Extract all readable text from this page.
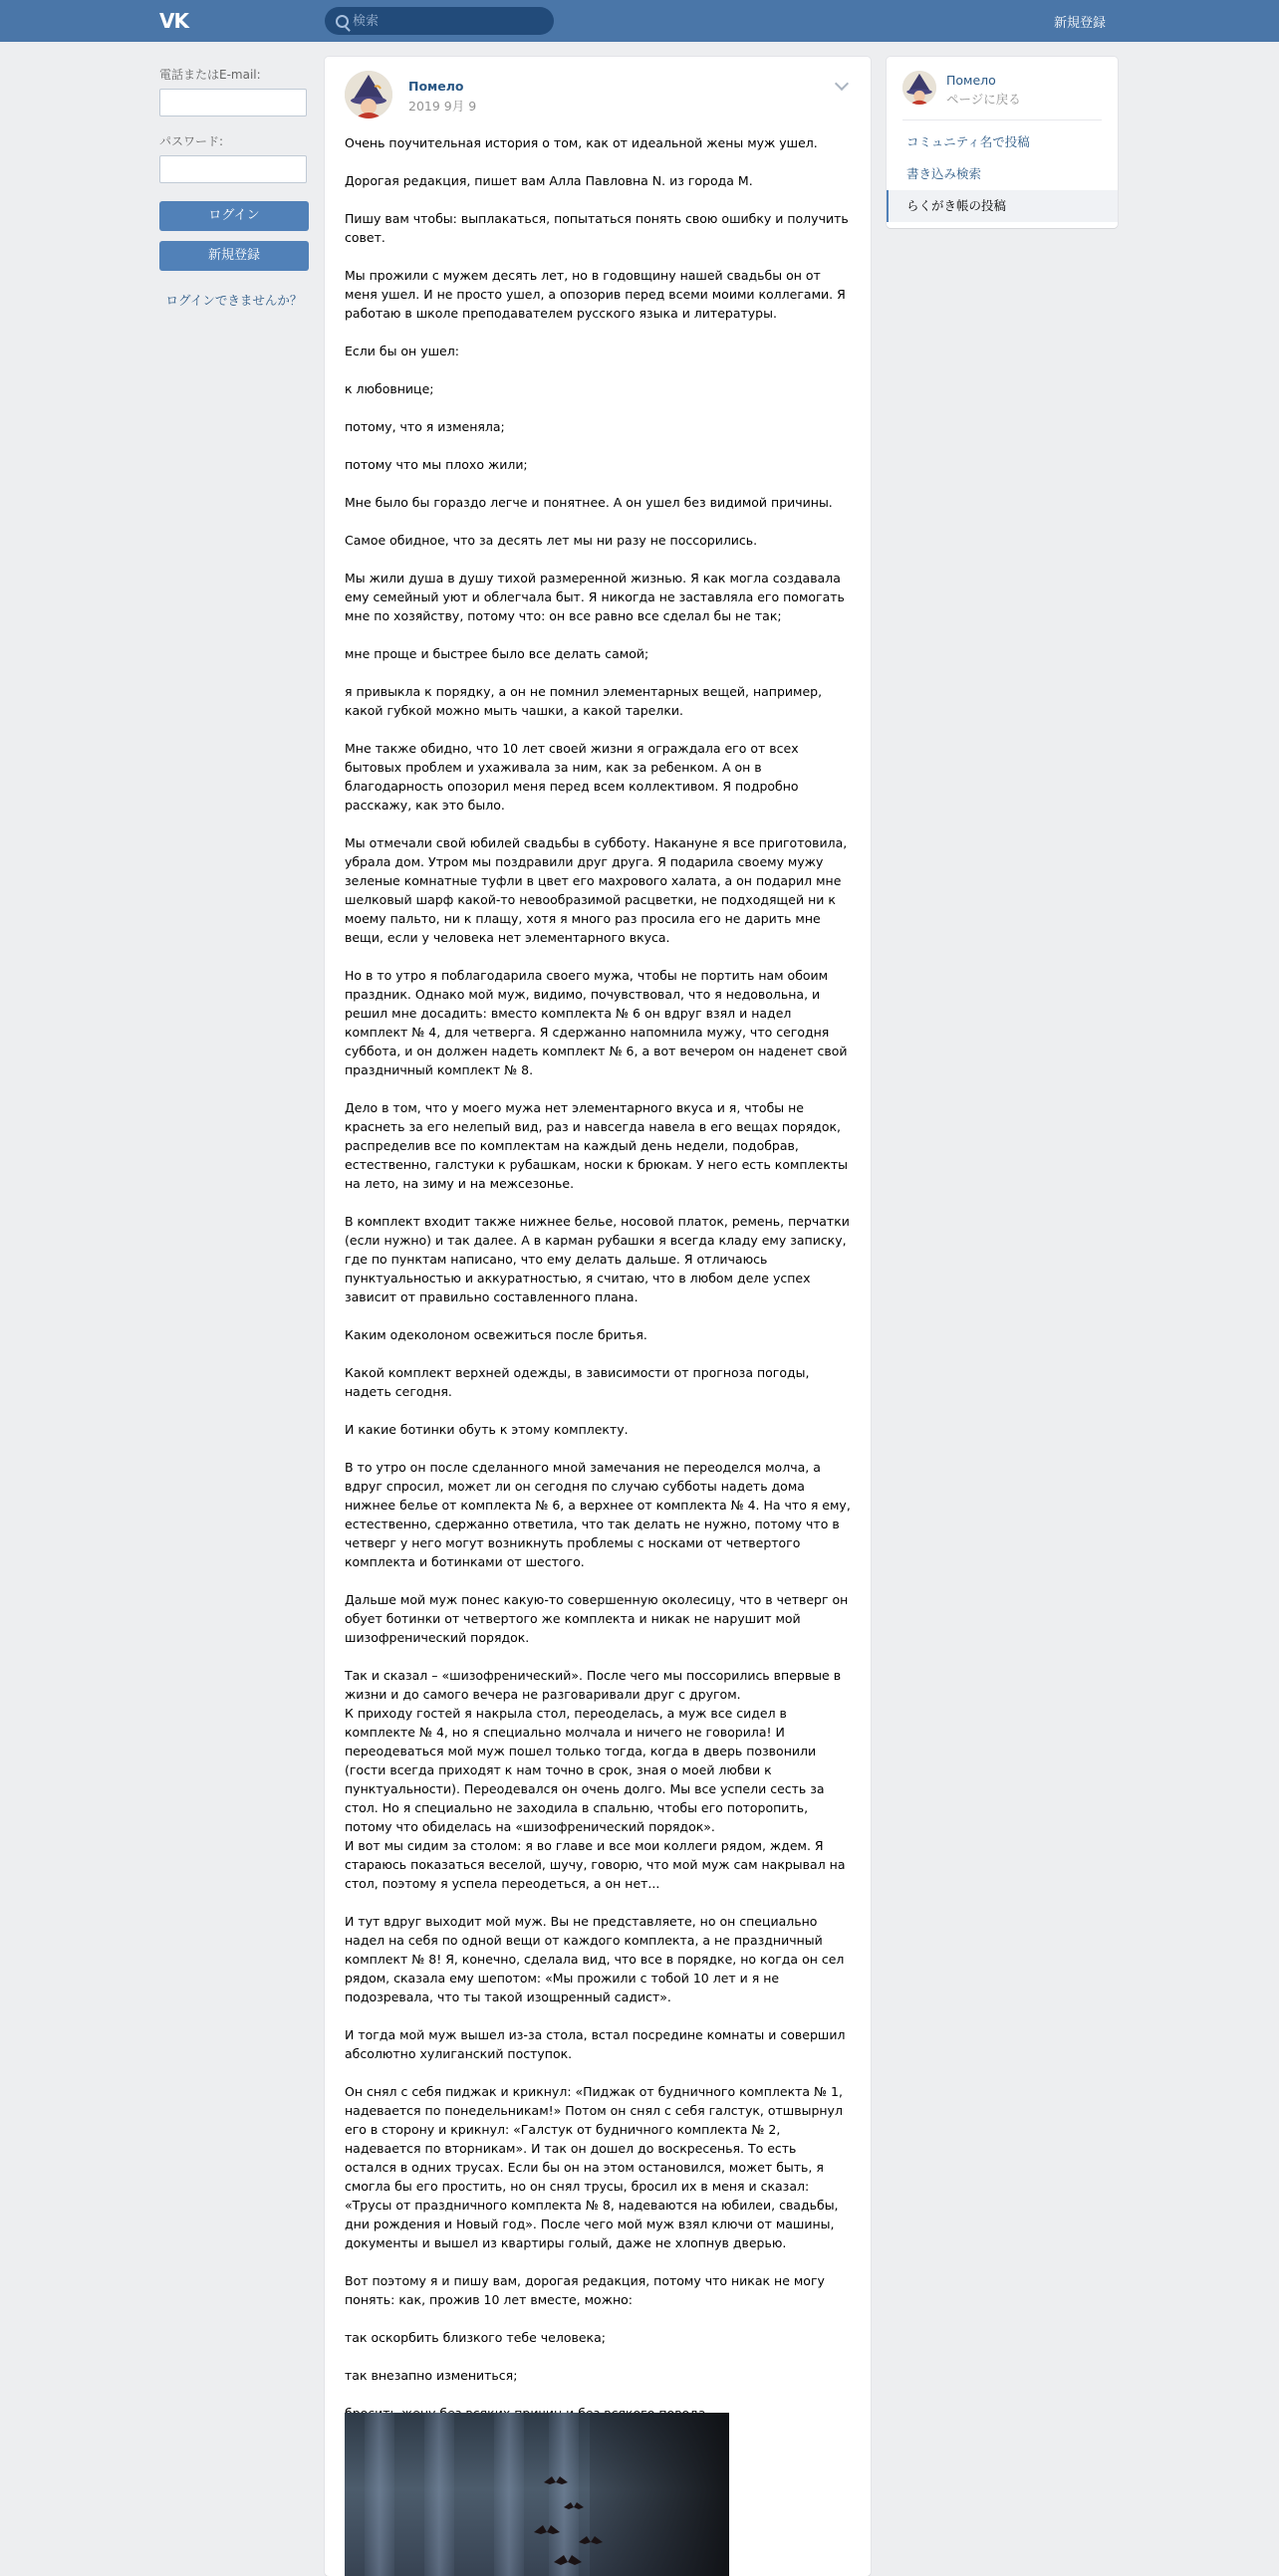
VK
検索	新規登録
電話またはE-mail:
パスワード:
ログイン
新規登録
ログインできませんか？
Помело
2019 9月 9

Очень поучительная история о том, как от идеальной жены муж ушел.

Дорогая редакция, пишет вам Алла Павловна N. из города М.

Пишу вам чтобы: выплакаться, попытаться понять свою ошибку и получить совет.

Мы прожили с мужем десять лет, но в годовщину нашей свадьбы он от меня ушел. И не просто ушел, а опозорив перед всеми моими коллегами. Я работаю в школе преподавателем русского языка и литературы.

Если бы он ушел:

к любовнице;

потому, что я изменяла;

потому что мы плохо жили;

Мне было бы гораздо легче и понятнее. А он ушел без видимой причины.

Самое обидное, что за десять лет мы ни разу не поссорились.

Мы жили душа в душу тихой размеренной жизнью. Я как могла создавала ему семейный уют и облегчала быт. Я никогда не заставляла его помогать мне по хозяйству, потому что: он все равно все сделал бы не так;

мне проще и быстрее было все делать самой;

я привыкла к порядку, а он не помнил элементарных вещей, например, какой губкой можно мыть чашки, а какой тарелки.

Мне также обидно, что 10 лет своей жизни я ограждала его от всех бытовых проблем и ухаживала за ним, как за ребенком. А он в благодарность опозорил меня перед всем коллективом. Я подробно расскажу, как это было.

Мы отмечали свой юбилей свадьбы в субботу. Накануне я все приготовила, убрала дом. Утром мы поздравили друг друга. Я подарила своему мужу зеленые комнатные туфли в цвет его махрового халата, а он подарил мне шелковый шарф какой-то невообразимой расцветки, не подходящей ни к моему пальто, ни к плащу, хотя я много раз просила его не дарить мне вещи, если у человека нет элементарного вкуса.

Но в то утро я поблагодарила своего мужа, чтобы не портить нам обоим праздник. Однако мой муж, видимо, почувствовал, что я недовольна, и решил мне досадить: вместо комплекта № 6 он вдруг взял и надел комплект № 4, для четверга. Я сдержанно напомнила мужу, что сегодня суббота, и он должен надеть комплект № 6, а вот вечером он наденет свой праздничный комплект № 8.

Дело в том, что у моего мужа нет элементарного вкуса и я, чтобы не краснеть за его нелепый вид, раз и навсегда навела в его вещах порядок, распределив все по комплектам на каждый день недели, подобрав, естественно, галстуки к рубашкам, носки к брюкам. У него есть комплекты на лето, на зиму и на межсезонье.

В комплект входит также нижнее белье, носовой платок, ремень, перчатки (если нужно) и так далее. А в карман рубашки я всегда кладу ему записку, где по пунктам написано, что ему делать дальше. Я отличаюсь пунктуальностью и аккуратностью, я считаю, что в любом деле успех зависит от правильно составленного плана.

Каким одеколоном освежиться после бритья.

Какой комплект верхней одежды, в зависимости от прогноза погоды, надеть сегодня.

И какие ботинки обуть к этому комплекту.

В то утро он после сделанного мной замечания не переоделся молча, а вдруг спросил, может ли он сегодня по случаю субботы надеть дома нижнее белье от комплекта № 6, а верхнее от комплекта № 4. На что я ему, естественно, сдержанно ответила, что так делать не нужно, потому что в четверг у него могут возникнуть проблемы с носками от четвертого комплекта и ботинками от шестого.

Дальше мой муж понес какую-то совершенную околесицу, что в четверг он обует ботинки от четвертого же комплекта и никак не нарушит мой шизофренический порядок.

Так и сказал – «шизофренический». После чего мы поссорились впервые в жизни и до самого вечера не разговаривали друг с другом.
К приходу гостей я накрыла стол, переоделась, а муж все сидел в комплекте № 4, но я специально молчала и ничего не говорила! И переодеваться мой муж пошел только тогда, когда в дверь позвонили (гости всегда приходят к нам точно в срок, зная о моей любви к пунктуальности). Переодевался он очень долго. Мы все успели сесть за стол. Но я специально не заходила в спальню, чтобы его поторопить, потому что обиделась на «шизофренический порядок».
И вот мы сидим за столом: я во главе и все мои коллеги рядом, ждем. Я стараюсь показаться веселой, шучу, говорю, что мой муж сам накрывал на стол, поэтому я успела переодеться, а он нет...

И тут вдруг выходит мой муж. Вы не представляете, но он специально надел на себя по одной вещи от каждого комплекта, а не праздничный комплект № 8! Я, конечно, сделала вид, что все в порядке, но когда он сел рядом, сказала ему шепотом: «Мы прожили с тобой 10 лет и я не подозревала, что ты такой изощренный садист».

И тогда мой муж вышел из-за стола, встал посредине комнаты и совершил абсолютно хулиганский поступок.

Он снял с себя пиджак и крикнул: «Пиджак от будничного комплекта № 1, надевается по понедельникам!» Потом он снял с себя галстук, отшвырнул его в сторону и крикнул: «Галстук от будничного комплекта № 2, надевается по вторникам». И так он дошел до воскресенья. То есть остался в одних трусах. Если бы он на этом остановился, может быть, я смогла бы его простить, но он снял трусы, бросил их в меня и сказал: «Трусы от праздничного комплекта № 8, надеваются на юбилеи, свадьбы, дни рождения и Новый год». После чего мой муж взял ключи от машины, документы и вышел из квартиры голый, даже не хлопнув дверью.

Вот поэтому я и пишу вам, дорогая редакция, потому что никак не могу понять: как, прожив 10 лет вместе, можно:

так оскорбить близкого тебе человека;

так внезапно измениться;

Помело
ページに戻る
コミュニティ名で投稿
書き込み検索
らくがき帳の投稿
